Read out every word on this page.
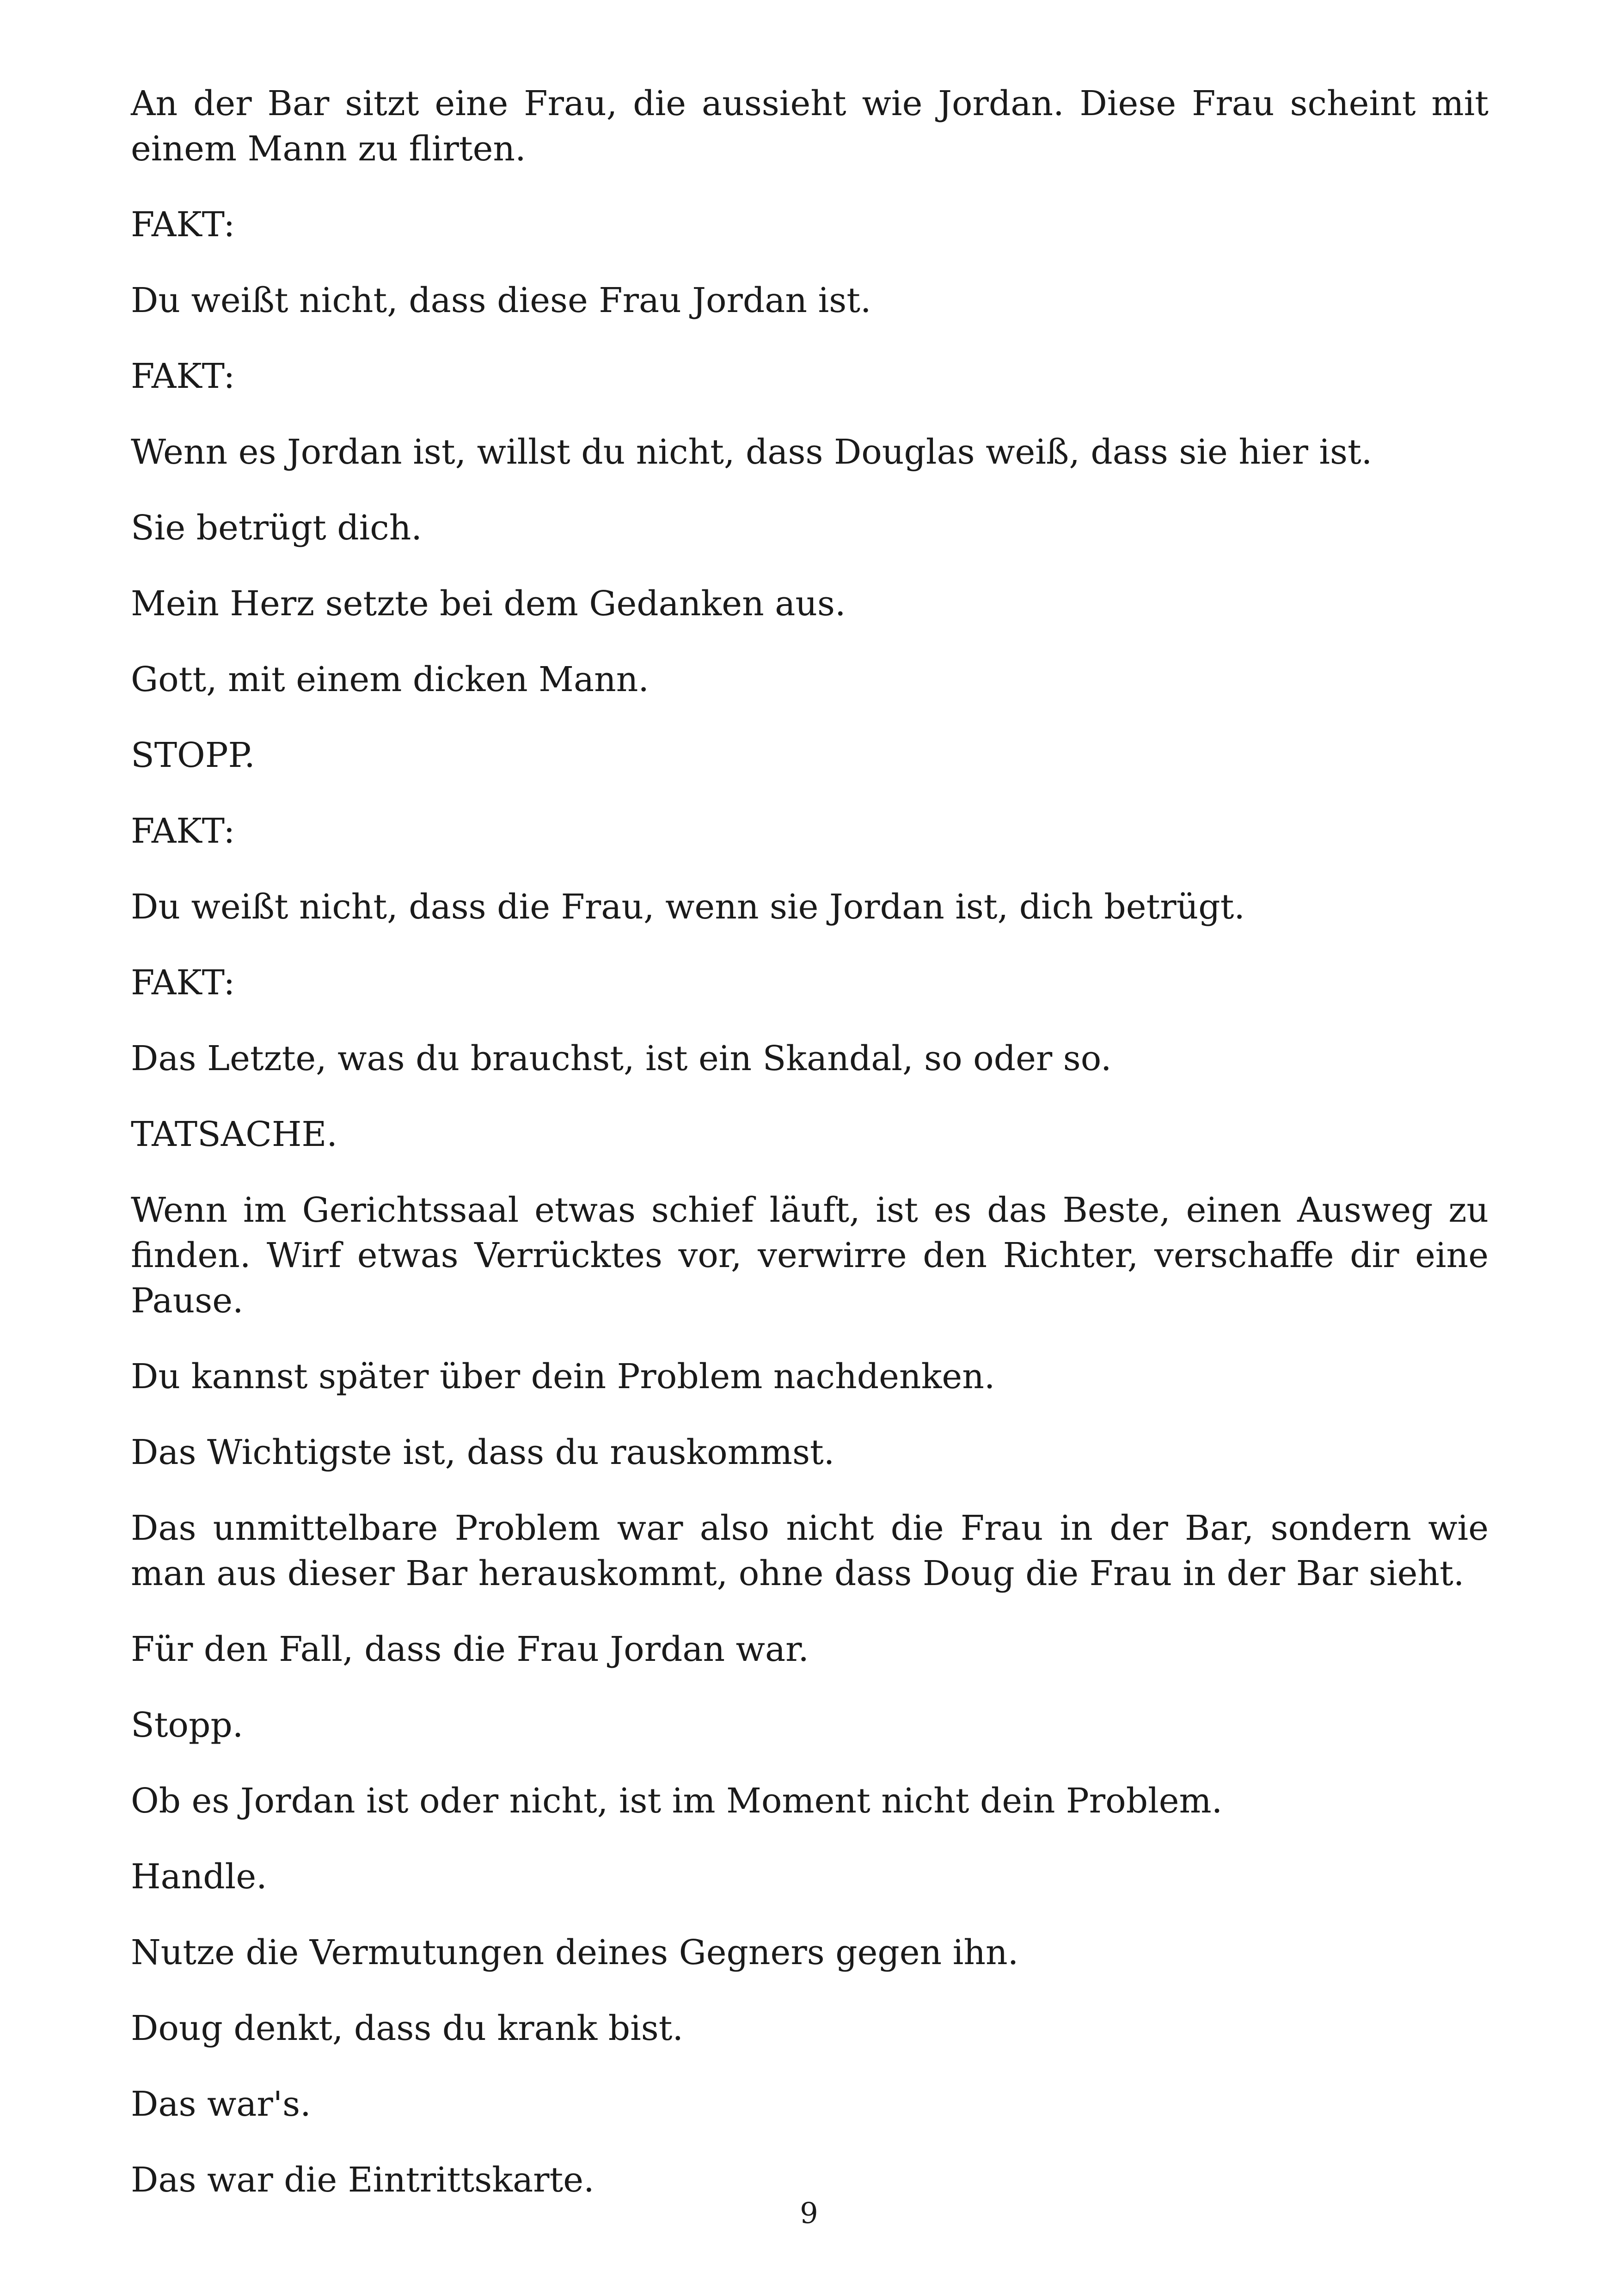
An der Bar sitzt eine Frau, die aussieht wie Jordan. Diese Frau scheint mit einem Mann zu flirten.

FAKT:

Du weißt nicht, dass diese Frau Jordan ist.

FAKT:

Wenn es Jordan ist, willst du nicht, dass Douglas weiß, dass sie hier ist.

Sie betrügt dich.

Mein Herz setzte bei dem Gedanken aus.

Gott, mit einem dicken Mann.

STOPP.

FAKT:

Du weißt nicht, dass die Frau, wenn sie Jordan ist, dich betrügt.

FAKT:

Das Letzte, was du brauchst, ist ein Skandal, so oder so.

TATSACHE.

Wenn im Gerichtssaal etwas schief läuft, ist es das Beste, einen Ausweg zu finden. Wirf etwas Verrücktes vor, verwirre den Richter, verschaffe dir eine Pause.

Du kannst später über dein Problem nachdenken.

Das Wichtigste ist, dass du rauskommst.

Das unmittelbare Problem war also nicht die Frau in der Bar, sondern wie man aus dieser Bar herauskommt, ohne dass Doug die Frau in der Bar sieht.

Für den Fall, dass die Frau Jordan war.

Stopp.

Ob es Jordan ist oder nicht, ist im Moment nicht dein Problem.

Handle.

Nutze die Vermutungen deines Gegners gegen ihn.

Doug denkt, dass du krank bist.

Das war's.

Das war die Eintrittskarte.

9
